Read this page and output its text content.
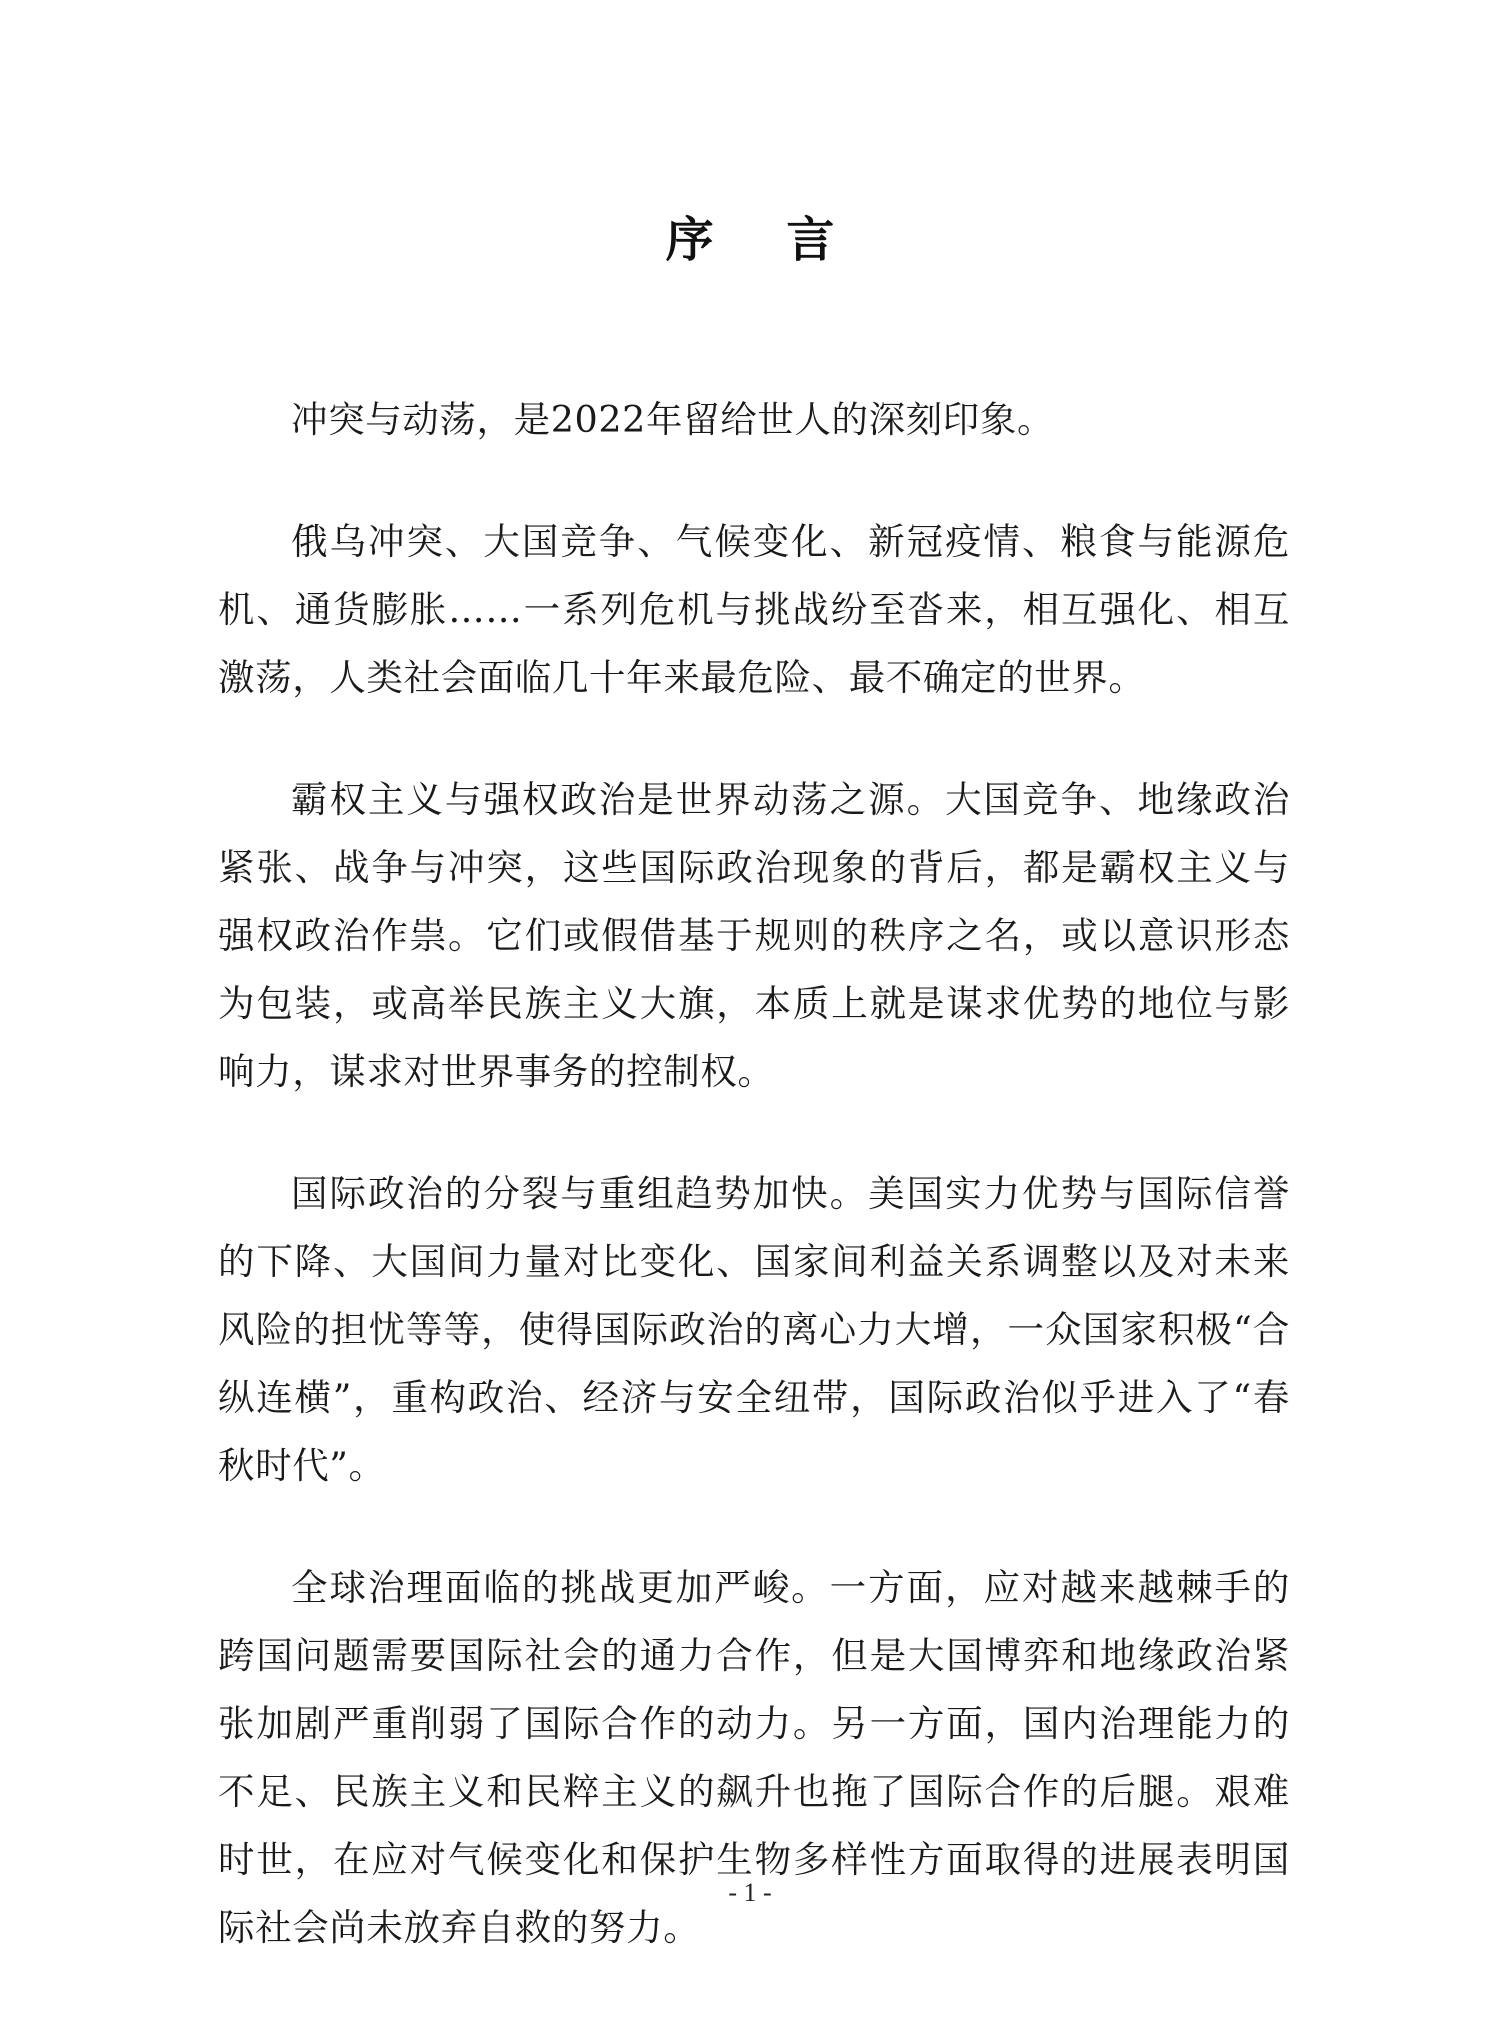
序 言

冲突与动荡，是2022年留给世人的深刻印象。

俄乌冲突、大国竞争、气候变化、新冠疫情、粮食与能源危机、通货膨胀……一系列危机与挑战纷至沓来，相互强化、相互激荡，人类社会面临几十年来最危险、最不确定的世界。

霸权主义与强权政治是世界动荡之源。大国竞争、地缘政治紧张、战争与冲突，这些国际政治现象的背后，都是霸权主义与强权政治作祟。它们或假借基于规则的秩序之名，或以意识形态为包装，或高举民族主义大旗，本质上就是谋求优势的地位与影响力，谋求对世界事务的控制权。

国际政治的分裂与重组趋势加快。美国实力优势与国际信誉的下降、大国间力量对比变化、国家间利益关系调整以及对未来风险的担忧等等，使得国际政治的离心力大增，一众国家积极“合纵连横”，重构政治、经济与安全纽带，国际政治似乎进入了“春秋时代”。

全球治理面临的挑战更加严峻。一方面，应对越来越棘手的跨国问题需要国际社会的通力合作，但是大国博弈和地缘政治紧张加剧严重削弱了国际合作的动力。另一方面，国内治理能力的不足、民族主义和民粹主义的飙升也拖了国际合作的后腿。艰难时世，在应对气候变化和保护生物多样性方面取得的进展表明国际社会尚未放弃自救的努力。

- 1 -
